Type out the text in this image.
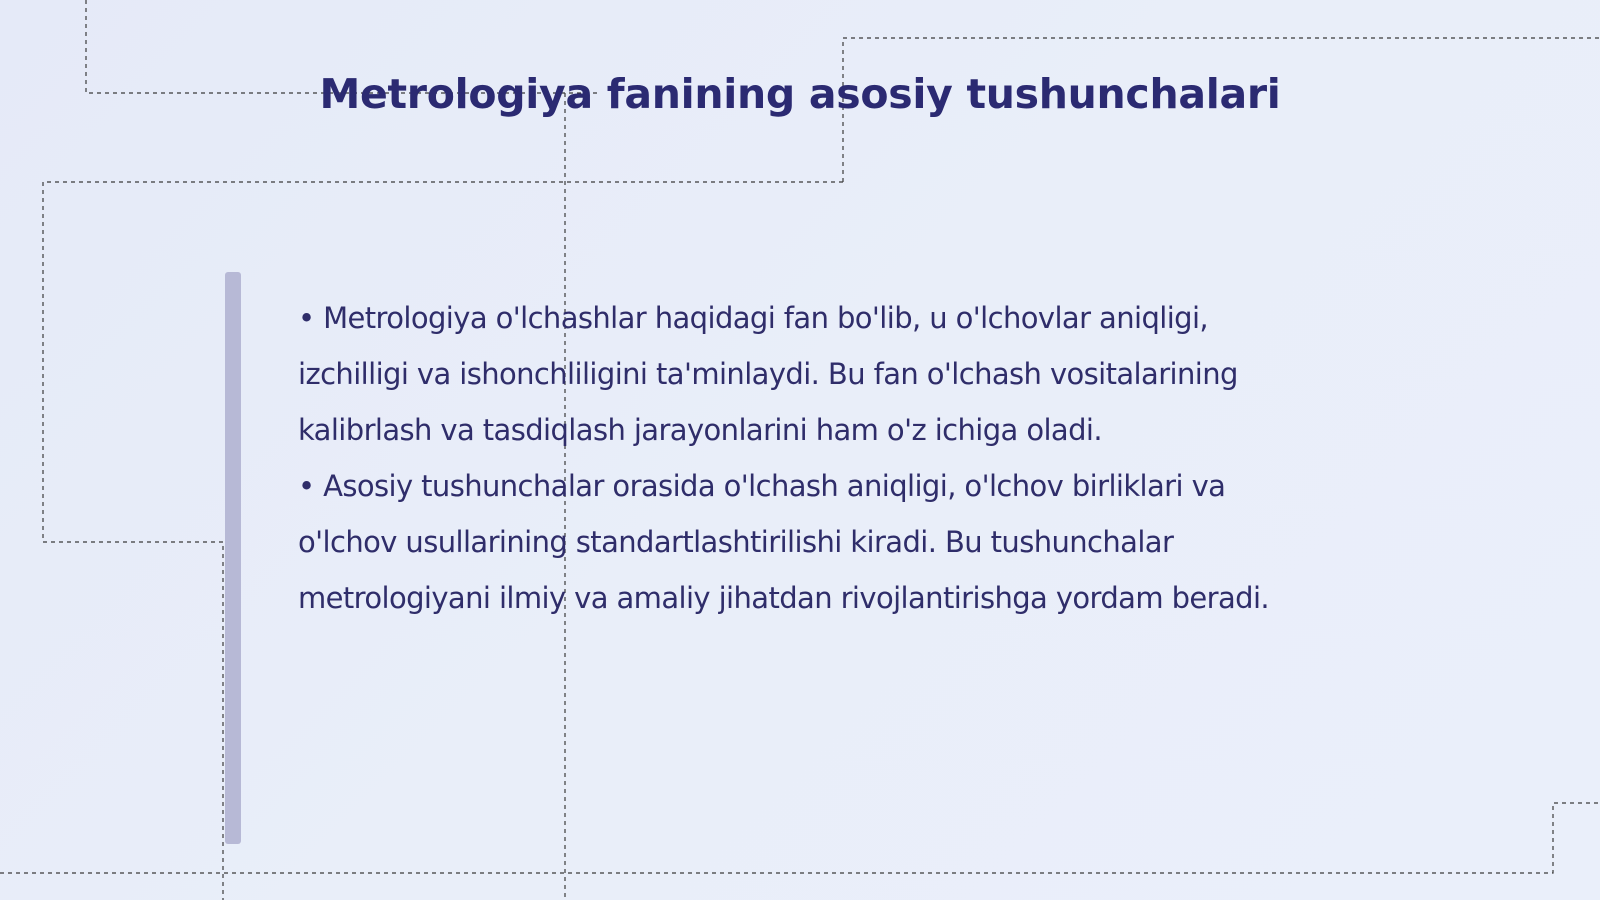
Metrologiya fanining asosiy tushunchalari

• Metrologiya o'lchashlar haqidagi fan bo'lib, u o'lchovlar aniqligi, izchilligi va ishonchliligini ta'minlaydi. Bu fan o'lchash vositalarining kalibrlash va tasdiqlash jarayonlarini ham o'z ichiga oladi.

• Asosiy tushunchalar orasida o'lchash aniqligi, o'lchov birliklari va o'lchov usullarining standartlashtirilishi kiradi. Bu tushunchalar metrologiyani ilmiy va amaliy jihatdan rivojlantirishga yordam beradi.
